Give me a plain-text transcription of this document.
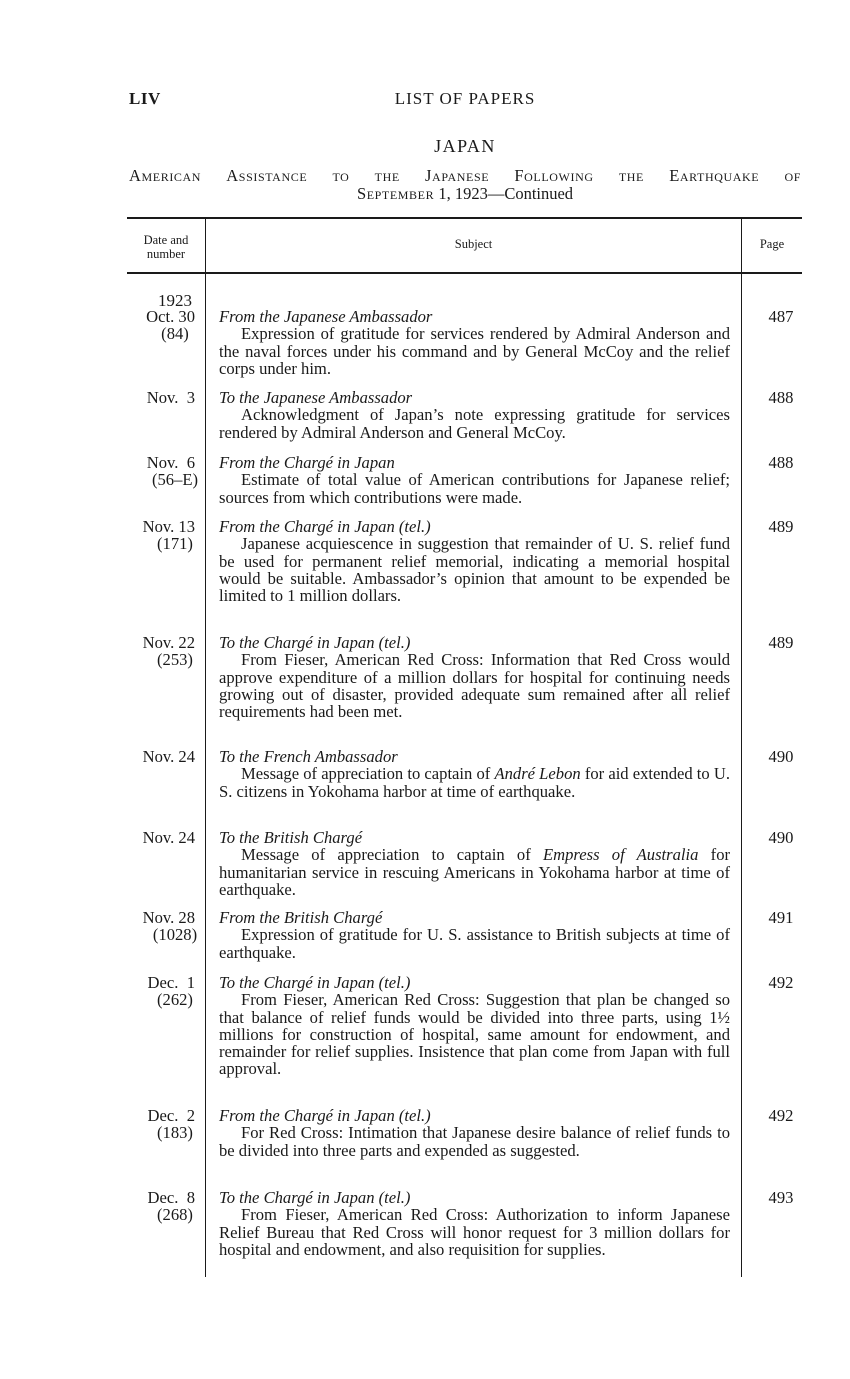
LIV	LIST OF PAPERS
JAPAN
American Assistance to the Japanese Following the Earthquake of
September 1, 1923—Continued
Date and number
Subject	Page
1923
Oct. 30
(84)
From the Japanese Ambassador

Expression of gratitude for services rendered by Admiral Anderson and the naval forces under his command and by General McCoy and the relief corps under him.

487
Nov.  3 To the Japanese Ambassador

Acknowledgment of Japan’s note expressing gratitude for services rendered by Admiral Anderson and General McCoy.

488
Nov.  6
(56–E)
From the Chargé in Japan

Estimate of total value of American contributions for Japanese relief; sources from which contributions were made.

488
Nov. 13
(171)
From the Chargé in Japan (tel.)

Japanese acquiescence in suggestion that remainder of U. S. relief fund be used for permanent relief memorial, indicating a memorial hospital would be suitable. Ambassador’s opinion that amount to be expended be limited to 1 million dollars.

489
Nov. 22
(253)
To the Chargé in Japan (tel.)

From Fieser, American Red Cross: Information that Red Cross would approve expenditure of a million dollars for hospital for continuing needs growing out of disaster, provided adequate sum remained after all relief requirements had been met.

489
Nov. 24 To the French Ambassador

Message of appreciation to captain of André Lebon for aid extended to U. S. citizens in Yokohama harbor at time of earthquake.

490
Nov. 24 To the British Chargé

Message of appreciation to captain of Empress of Australia for humanitarian service in rescuing Americans in Yokohama harbor at time of earthquake.

490
Nov. 28
(1028)
From the British Chargé

Expression of gratitude for U. S. assistance to British subjects at time of earthquake.

491
Dec.  1
(262)
To the Chargé in Japan (tel.)

From Fieser, American Red Cross: Suggestion that plan be changed so that balance of relief funds would be divided into three parts, using 1½ millions for construction of hospital, same amount for endowment, and remainder for relief supplies. Insistence that plan come from Japan with full approval.

492
Dec.  2
(183)
From the Chargé in Japan (tel.)

For Red Cross: Intimation that Japanese desire balance of relief funds to be divided into three parts and expended as suggested.

492
Dec.  8
(268)
To the Chargé in Japan (tel.)

From Fieser, American Red Cross: Authorization to inform Japanese Relief Bureau that Red Cross will honor request for 3 million dollars for hospital and endowment, and also requisition for supplies.

493
